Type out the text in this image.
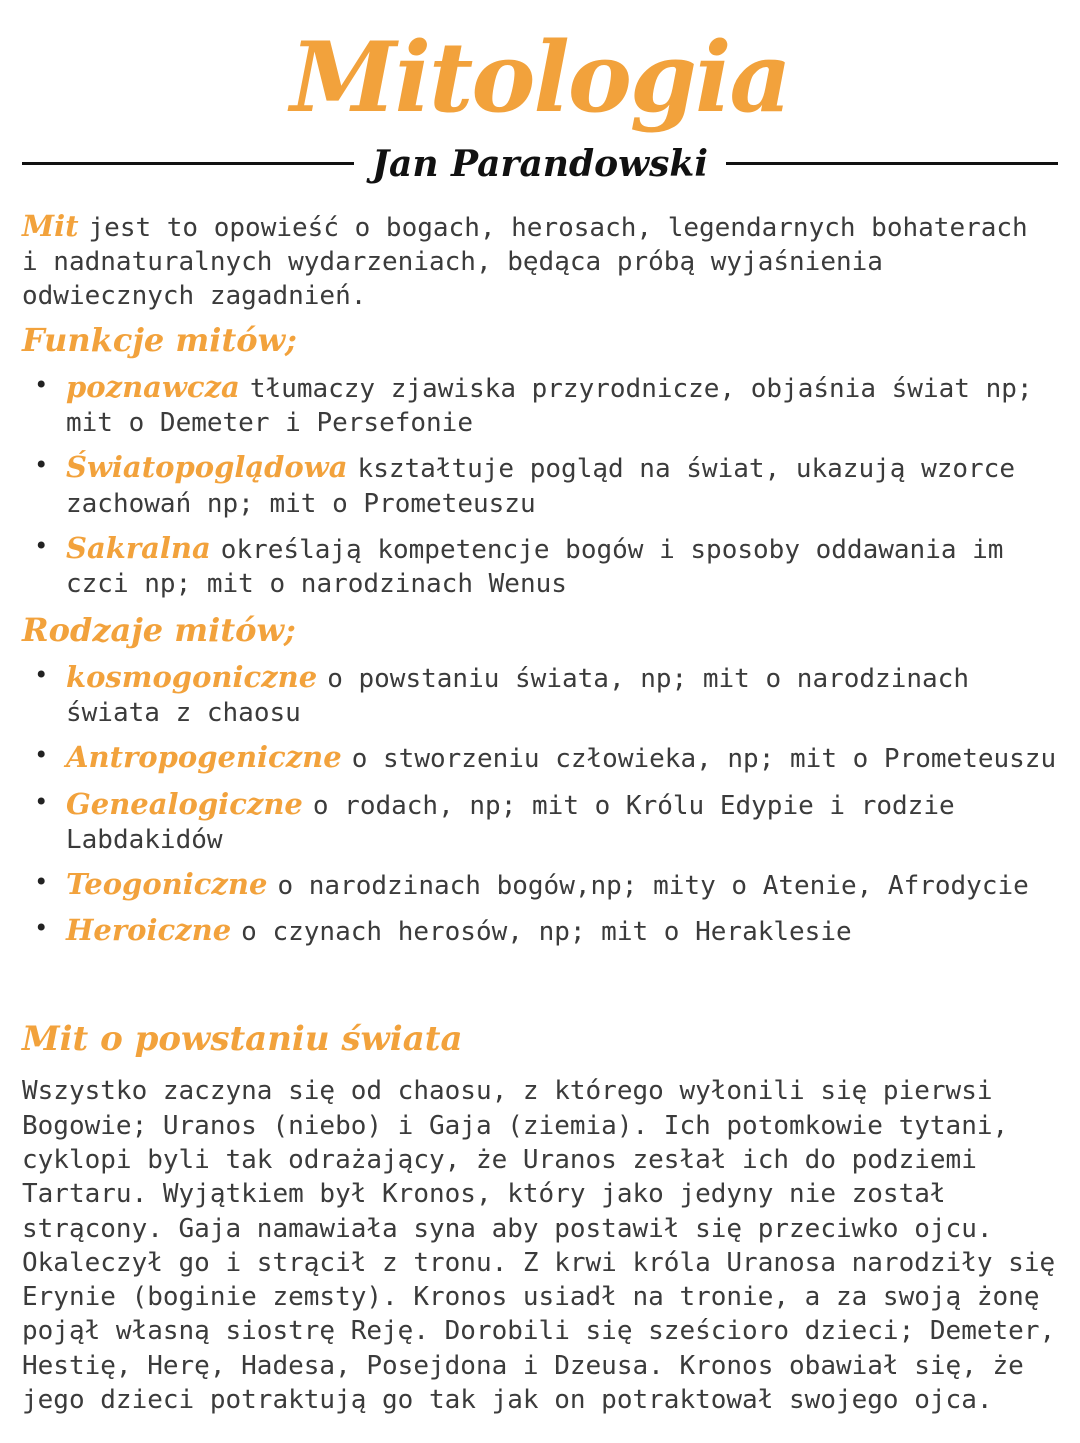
Mitologia
Jan Parandowski

Mit jest to opowieść o bogach, herosach, legendarnych bohaterach i nadnaturalnych wydarzeniach, będąca próbą wyjaśnienia odwiecznych zagadnień.

Funkcje mitów;
• poznawcza tłumaczy zjawiska przyrodnicze, objaśnia świat np; mit o Demeter i Persefonie
• Światopoglądowa kształtuje pogląd na świat, ukazują wzorce zachowań np; mit o Prometeuszu
• Sakralna określają kompetencje bogów i sposoby oddawania im czci np; mit o narodzinach Wenus
Rodzaje mitów;
• kosmogoniczne o powstaniu świata, np; mit o narodzinach świata z chaosu
• Antropogeniczne o stworzeniu człowieka, np; mit o Prometeuszu
• Genealogiczne o rodach, np; mit o Królu Edypie i rodzie Labdakidów
• Teogoniczne o narodzinach bogów,np; mity o Atenie, Afrodycie
• Heroiczne o czynach herosów, np; mit o Heraklesie
Mit o powstaniu świata

Wszystko zaczyna się od chaosu, z którego wyłonili się pierwsi Bogowie; Uranos (niebo) i Gaja (ziemia). Ich potomkowie tytani, cyklopi byli tak odrażający, że Uranos zesłał ich do podziemi Tartaru. Wyjątkiem był Kronos, który jako jedyny nie został strącony. Gaja namawiała syna aby postawił się przeciwko ojcu. Okaleczył go i strącił z tronu. Z krwi króla Uranosa narodziły się Erynie (boginie zemsty). Kronos usiadł na tronie, a za swoją żonę pojął własną siostrę Reję. Dorobili się sześcioro dzieci; Demeter, Hestię, Herę, Hadesa, Posejdona i Dzeusa. Kronos obawiał się, że jego dzieci potraktują go tak jak on potraktował swojego ojca.
